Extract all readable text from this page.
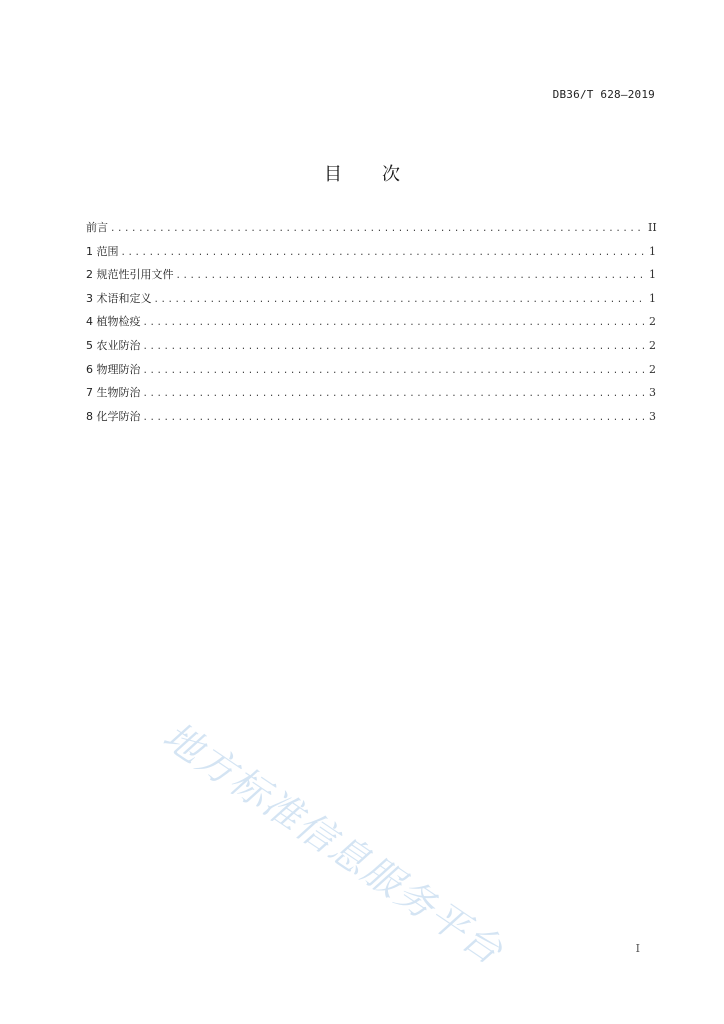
DB36/T 628—2019
目 次
前言 .....	II
1 范围 .....	1
2 规范性引用文件 .....	1
3 术语和定义 .....	1
4 植物检疫 .....	2
5 农业防治 .....	2
6 物理防治 .....	2
7 生物防治 .....	3
8 化学防治 .....	3
地方标准信息服务平台	I
